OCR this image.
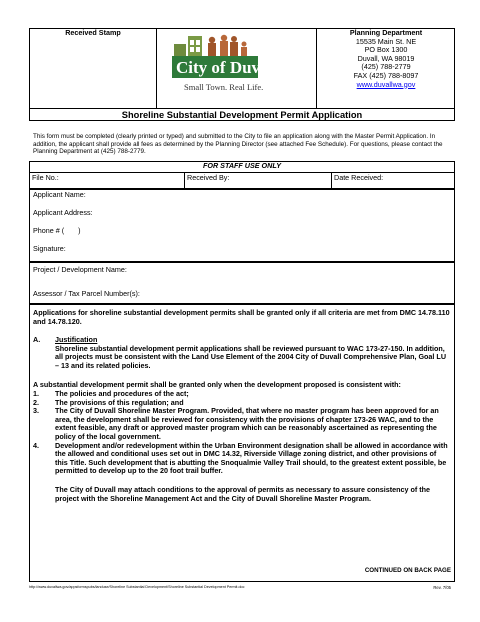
Received Stamp
City of Duvall
Small Town. Real Life.
Planning Department
15535 Main St. NE
PO Box 1300
Duvall, WA 98019
(425) 788-2779
FAX (425) 788-8097
www.duvallwa.gov
Shoreline Substantial Development Permit Application
This form must be completed (clearly printed or typed) and submitted to the City to file an application along with the Master Permit Application. In addition, the applicant shall provide all fees as determined by the Planning Director (see attached Fee Schedule). For questions, please contact the Planning Department at (425) 788-2779.
FOR STAFF USE ONLY
File No.:	Received By:	Date Received:
Applicant Name:
Applicant Address:
Phone # (       )
Signature:
Project / Development Name:
Assessor / Tax Parcel Number(s):
Applications for shoreline substantial development permits shall be granted only if all criteria are met from DMC 14.78.110 and 14.78.120.
A. Justification
Shoreline substantial development permit applications shall be reviewed pursuant to WAC 173-27-150. In addition, all projects must be consistent with the Land Use Element of the 2004 City of Duvall Comprehensive Plan, Goal LU – 13 and its related policies.
A substantial development permit shall be granted only when the development proposed is consistent with:
1. The policies and procedures of the act;
2. The provisions of this regulation; and
3. The City of Duvall Shoreline Master Program. Provided, that where no master program has been approved for an area, the development shall be reviewed for consistency with the provisions of chapter 173-26 WAC, and to the extent feasible, any draft or approved master program which can be reasonably ascertained as representing the policy of the local government.
4. Development and/or redevelopment within the Urban Environment designation shall be allowed in accordance with the allowed and conditional uses set out in DMC 14.32, Riverside Village zoning district, and other provisions of this Title. Such development that is abutting the Snoqualmie Valley Trail should, to the greatest extent possible, be permitted to develop up to the 20 foot trail buffer.
The City of Duvall may attach conditions to the approval of permits as necessary to assure consistency of the project with the Shoreline Management Act and the City of Duvall Shoreline Master Program.
CONTINUED ON BACK PAGE
http://www.duvallwa.gov/appsformspubs/landuse/Shoreline Substantial Development/Shoreline Substantial Development Permit.doc	Rev. 7/05
